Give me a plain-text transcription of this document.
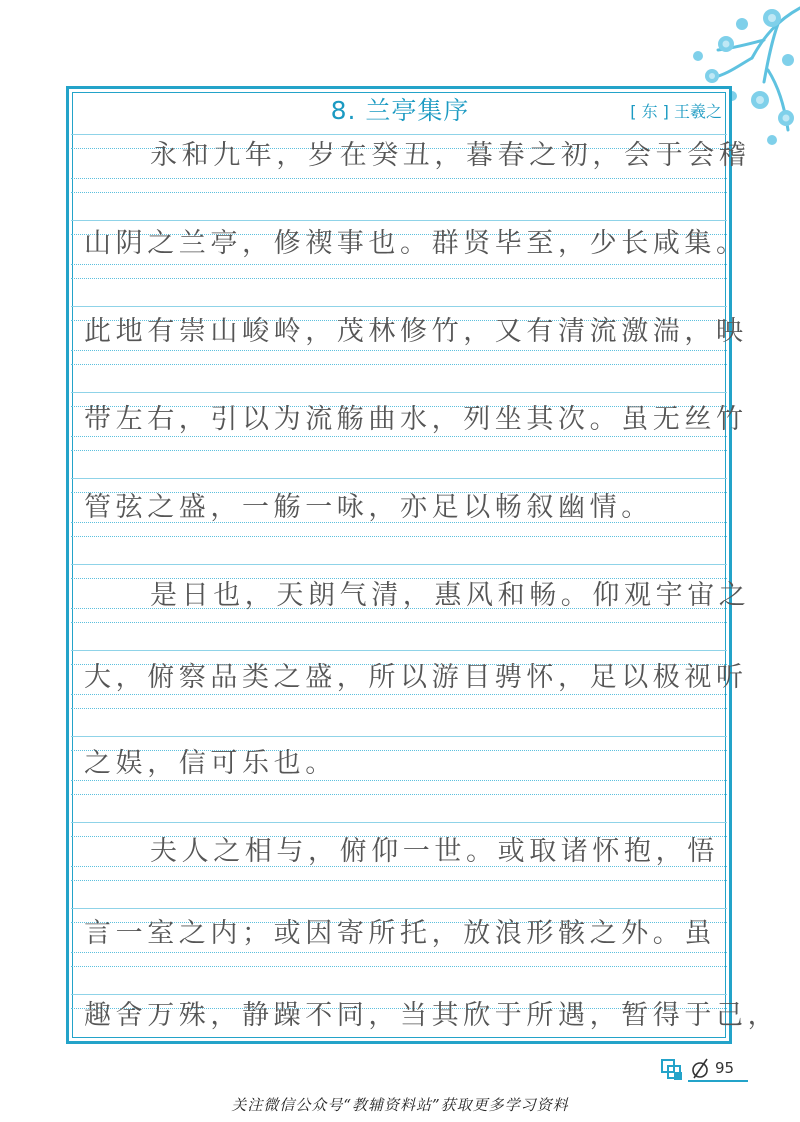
8. 兰亭集序	[ 东 ] 王羲之
永和九年，岁在癸丑，暮春之初，会于会稽
山阴之兰亭，修禊事也。群贤毕至，少长咸集。
此地有崇山峻岭，茂林修竹，又有清流激湍，映
带左右，引以为流觞曲水，列坐其次。虽无丝竹
管弦之盛，一觞一咏，亦足以畅叙幽情。
是日也，天朗气清，惠风和畅。仰观宇宙之
大，俯察品类之盛，所以游目骋怀，足以极视听
之娱，信可乐也。
夫人之相与，俯仰一世。或取诸怀抱，悟
言一室之内；或因寄所托，放浪形骸之外。虽
趣舍万殊，静躁不同，当其欣于所遇，暂得于己，
95
关注微信公众号“教辅资料站”获取更多学习资料
